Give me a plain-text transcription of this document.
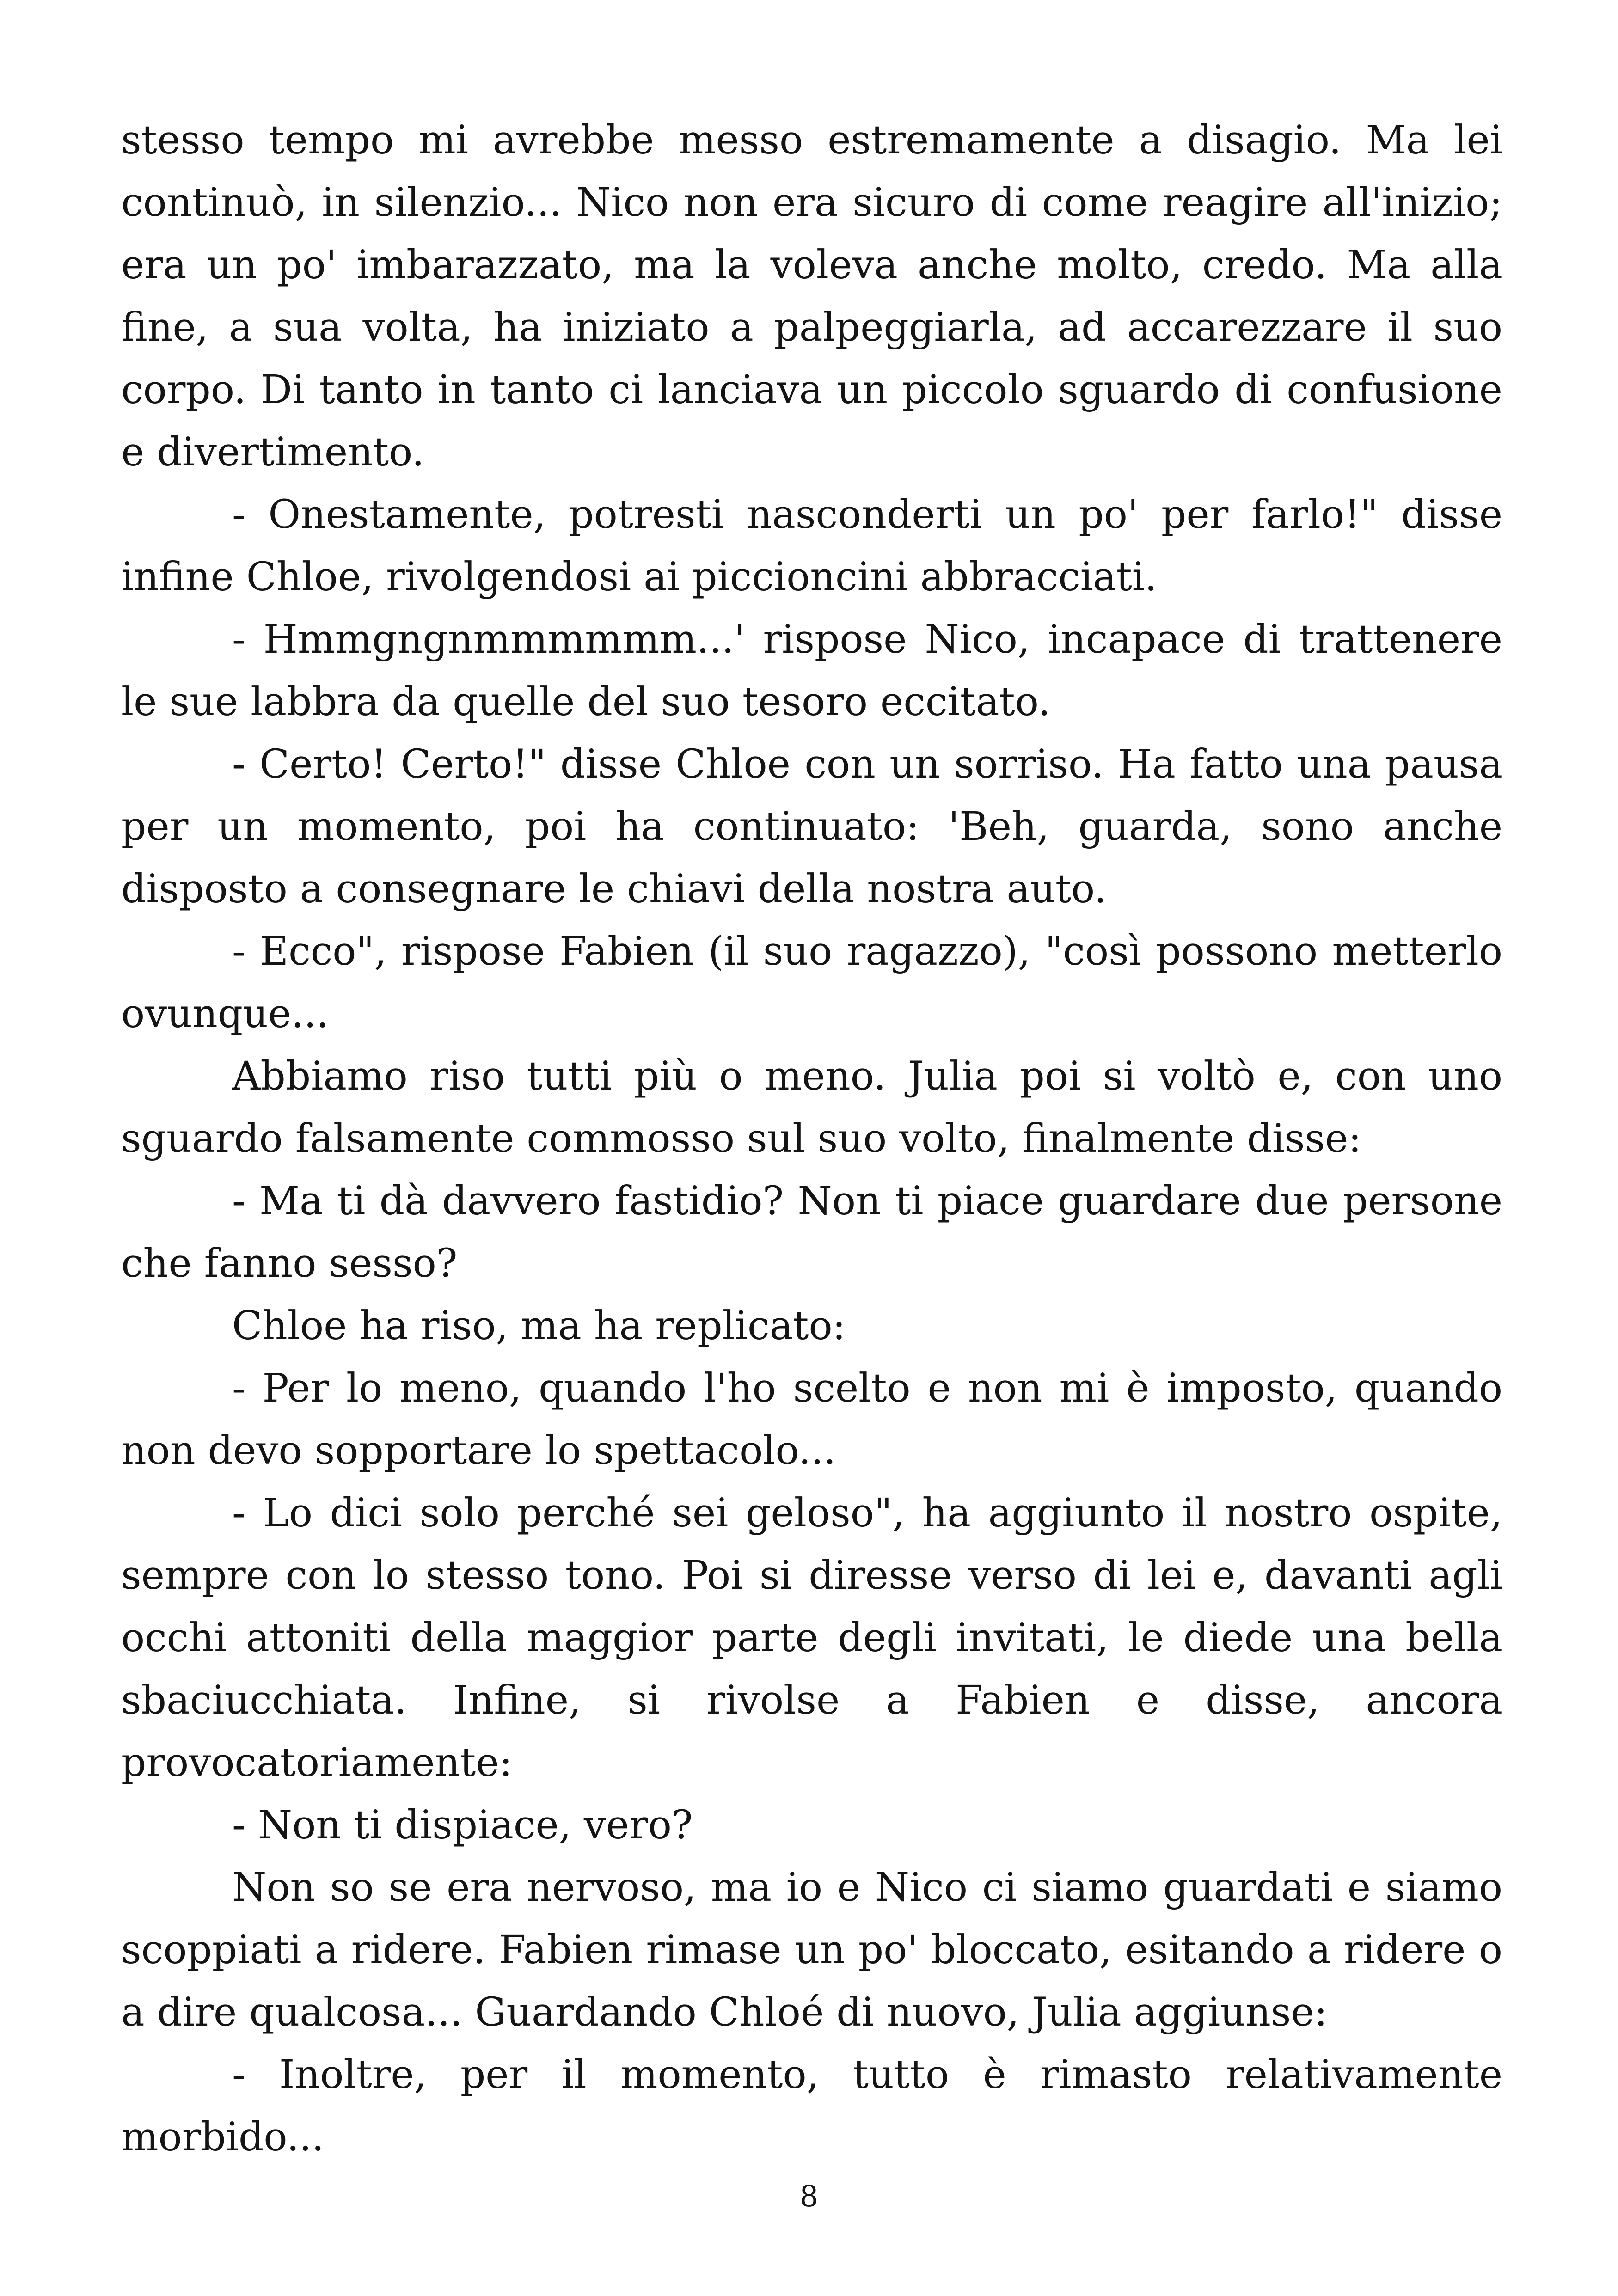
stesso tempo mi avrebbe messo estremamente a disagio. Ma lei continuò, in silenzio... Nico non era sicuro di come reagire all'inizio; era un po' imbarazzato, ma la voleva anche molto, credo. Ma alla fine, a sua volta, ha iniziato a palpeggiarla, ad accarezzare il suo corpo. Di tanto in tanto ci lanciava un piccolo sguardo di confusione e divertimento.

- Onestamente, potresti nasconderti un po' per farlo!" disse infine Chloe, rivolgendosi ai piccioncini abbracciati.

- Hmmgngnmmmmmm...' rispose Nico, incapace di trattenere le sue labbra da quelle del suo tesoro eccitato.

- Certo! Certo!" disse Chloe con un sorriso. Ha fatto una pausa per un momento, poi ha continuato: 'Beh, guarda, sono anche disposto a consegnare le chiavi della nostra auto.

- Ecco", rispose Fabien (il suo ragazzo), "così possono metterlo ovunque...

Abbiamo riso tutti più o meno. Julia poi si voltò e, con uno sguardo falsamente commosso sul suo volto, finalmente disse:

- Ma ti dà davvero fastidio? Non ti piace guardare due persone che fanno sesso?

Chloe ha riso, ma ha replicato:

- Per lo meno, quando l'ho scelto e non mi è imposto, quando non devo sopportare lo spettacolo...

- Lo dici solo perché sei geloso", ha aggiunto il nostro ospite, sempre con lo stesso tono. Poi si diresse verso di lei e, davanti agli occhi attoniti della maggior parte degli invitati, le diede una bella sbaciucchiata. Infine, si rivolse a Fabien e disse, ancora provocatoriamente:

- Non ti dispiace, vero?

Non so se era nervoso, ma io e Nico ci siamo guardati e siamo scoppiati a ridere. Fabien rimase un po' bloccato, esitando a ridere o a dire qualcosa... Guardando Chloé di nuovo, Julia aggiunse:

- Inoltre, per il momento, tutto è rimasto relativamente morbido...

8
